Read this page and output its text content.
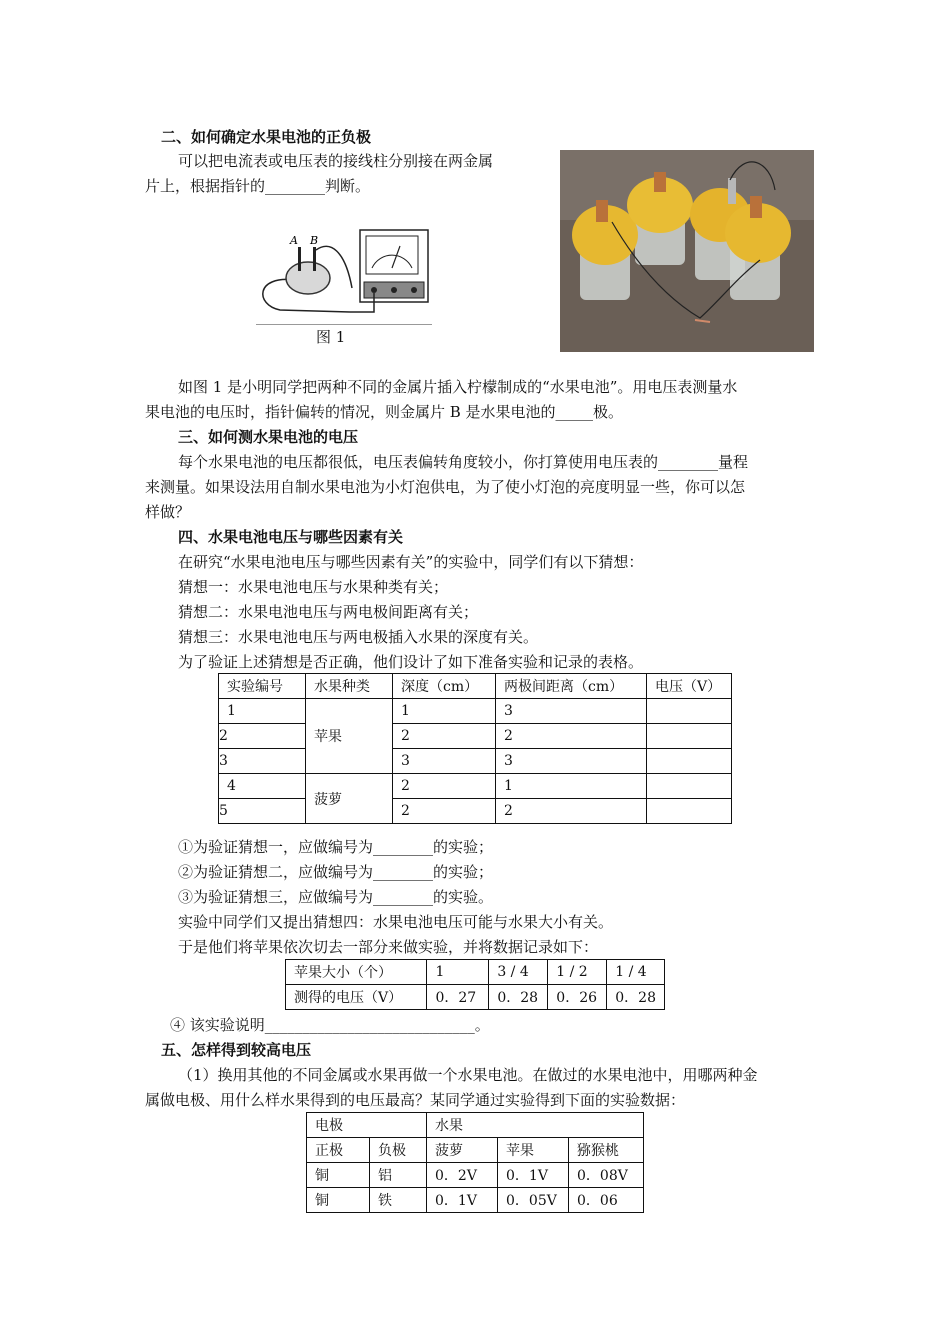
二、如何确定水果电池的正负极
可以把电流表或电压表的接线柱分别接在两金属
片上，根据指针的________判断。
A B
图 1
如图 1 是小明同学把两种不同的金属片插入柠檬制成的“水果电池”。用电压表测量水
果电池的电压时，指针偏转的情况，则金属片 B 是水果电池的_____极。
三、如何测水果电池的电压
每个水果电池的电压都很低，电压表偏转角度较小，你打算使用电压表的________量程
来测量。如果设法用自制水果电池为小灯泡供电，为了使小灯泡的亮度明显一些，你可以怎
样做？
四、水果电池电压与哪些因素有关
在研究“水果电池电压与哪些因素有关”的实验中，同学们有以下猜想：
猜想一：水果电池电压与水果种类有关；
猜想二：水果电池电压与两电极间距离有关；
猜想三：水果电池电压与两电极插入水果的深度有关。
为了验证上述猜想是否正确，他们设计了如下准备实验和记录的表格。
实验编号	水果种类	深度（cm）	两极间距离（cm）	电压（V）
1	苹果	1	3	
2		2	2	
3		3	3	
4	菠萝	2	1	
5		2	2	
①为验证猜想一，应做编号为________的实验；
②为验证猜想二，应做编号为________的实验；
③为验证猜想三，应做编号为________的实验。
实验中同学们又提出猜想四：水果电池电压可能与水果大小有关。
于是他们将苹果依次切去一部分来做实验，并将数据记录如下：
苹果大小（个）	1	3 / 4	1 / 2	1 / 4
测得的电压（V）	0．27	0．28	0．26	0．28
④ 该实验说明____________________________。
五、怎样得到较高电压
（1）换用其他的不同金属或水果再做一个水果电池。在做过的水果电池中，用哪两种金
属做电极、用什么样水果得到的电压最高？某同学通过实验得到下面的实验数据：
电极		水果		
正极	负极	菠萝	苹果	猕猴桃
铜	铝	0．2V	0．1V	0．08V
铜	铁	0．1V	0．05V	0．06
